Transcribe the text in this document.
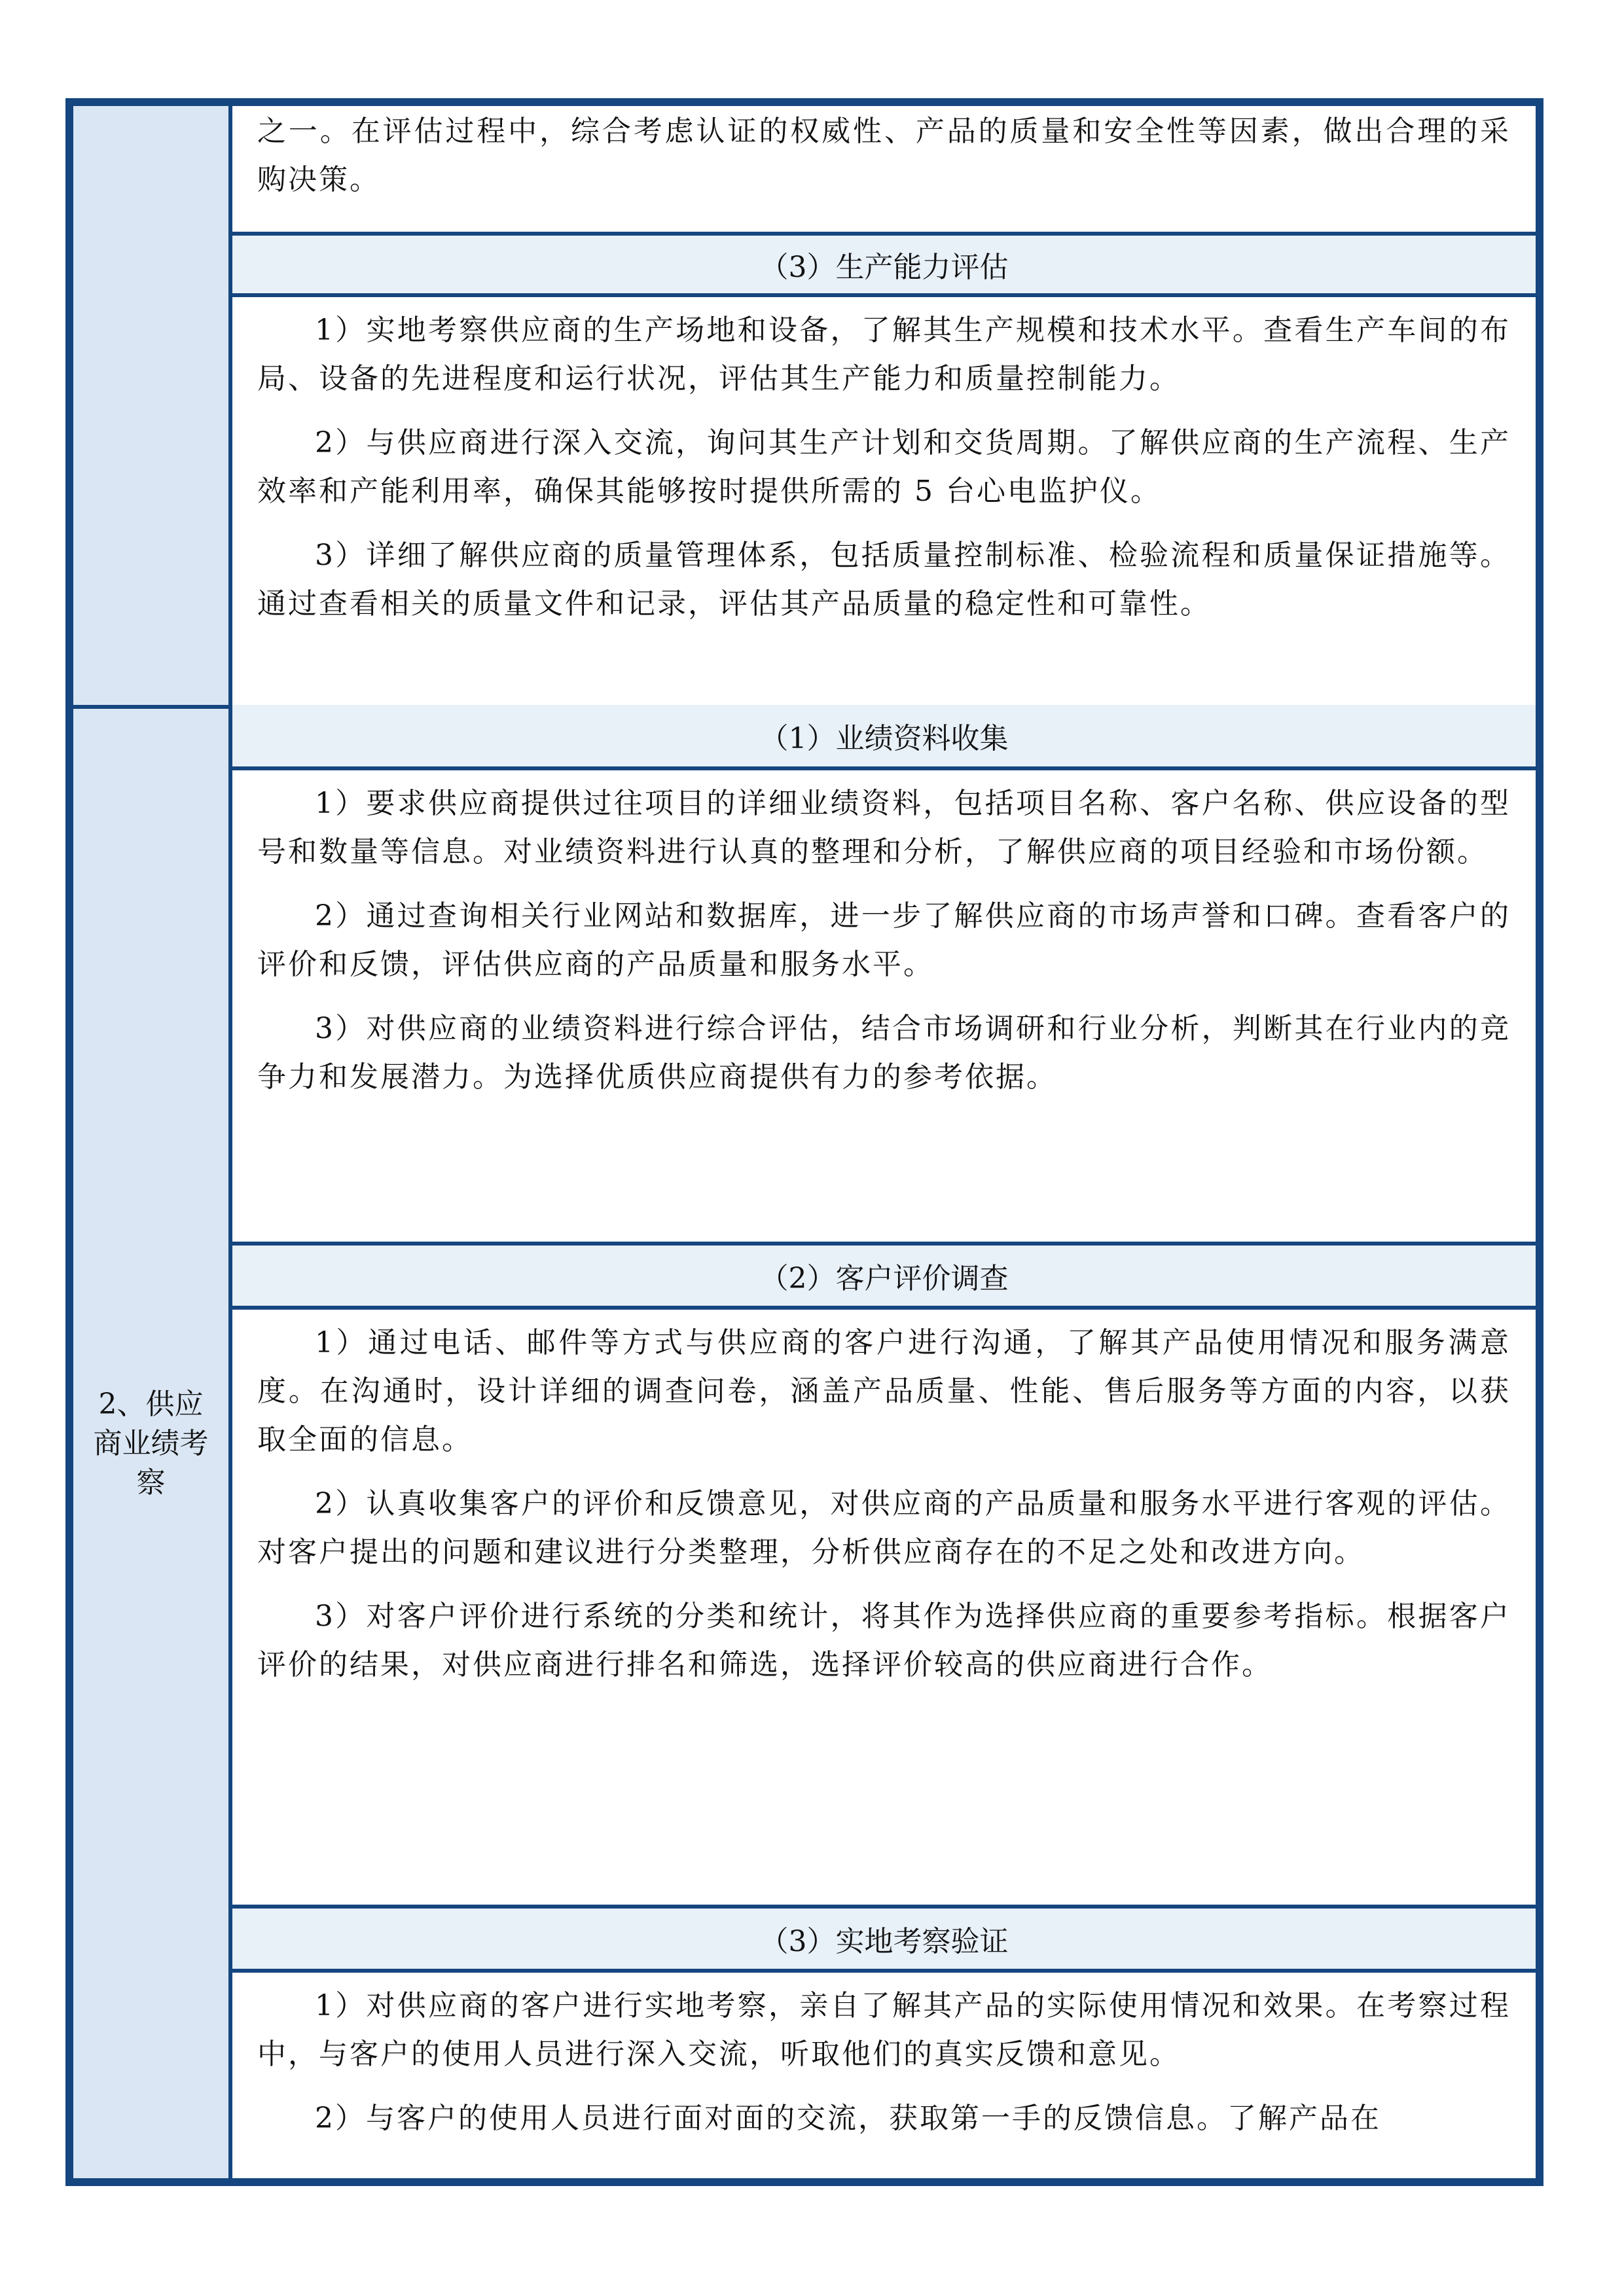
之一。在评估过程中，综合考虑认证的权威性、产品的质量和安全性等因素，做出合理的采购决策。

（3）生产能力评估

1）实地考察供应商的生产场地和设备，了解其生产规模和技术水平。查看生产车间的布局、设备的先进程度和运行状况，评估其生产能力和质量控制能力。

2）与供应商进行深入交流，询问其生产计划和交货周期。了解供应商的生产流程、生产效率和产能利用率，确保其能够按时提供所需的 5 台心电监护仪。

3）详细了解供应商的质量管理体系，包括质量控制标准、检验流程和质量保证措施等。通过查看相关的质量文件和记录，评估其产品质量的稳定性和可靠性。

2、供应商业绩考察
（1）业绩资料收集

1）要求供应商提供过往项目的详细业绩资料，包括项目名称、客户名称、供应设备的型号和数量等信息。对业绩资料进行认真的整理和分析，了解供应商的项目经验和市场份额。

2）通过查询相关行业网站和数据库，进一步了解供应商的市场声誉和口碑。查看客户的评价和反馈，评估供应商的产品质量和服务水平。

3）对供应商的业绩资料进行综合评估，结合市场调研和行业分析，判断其在行业内的竞争力和发展潜力。为选择优质供应商提供有力的参考依据。

（2）客户评价调查

1）通过电话、邮件等方式与供应商的客户进行沟通，了解其产品使用情况和服务满意度。在沟通时，设计详细的调查问卷，涵盖产品质量、性能、售后服务等方面的内容，以获取全面的信息。

2）认真收集客户的评价和反馈意见，对供应商的产品质量和服务水平进行客观的评估。对客户提出的问题和建议进行分类整理，分析供应商存在的不足之处和改进方向。

3）对客户评价进行系统的分类和统计，将其作为选择供应商的重要参考指标。根据客户评价的结果，对供应商进行排名和筛选，选择评价较高的供应商进行合作。

（3）实地考察验证

1）对供应商的客户进行实地考察，亲自了解其产品的实际使用情况和效果。在考察过程中，与客户的使用人员进行深入交流，听取他们的真实反馈和意见。

2）与客户的使用人员进行面对面的交流，获取第一手的反馈信息。了解产品在
